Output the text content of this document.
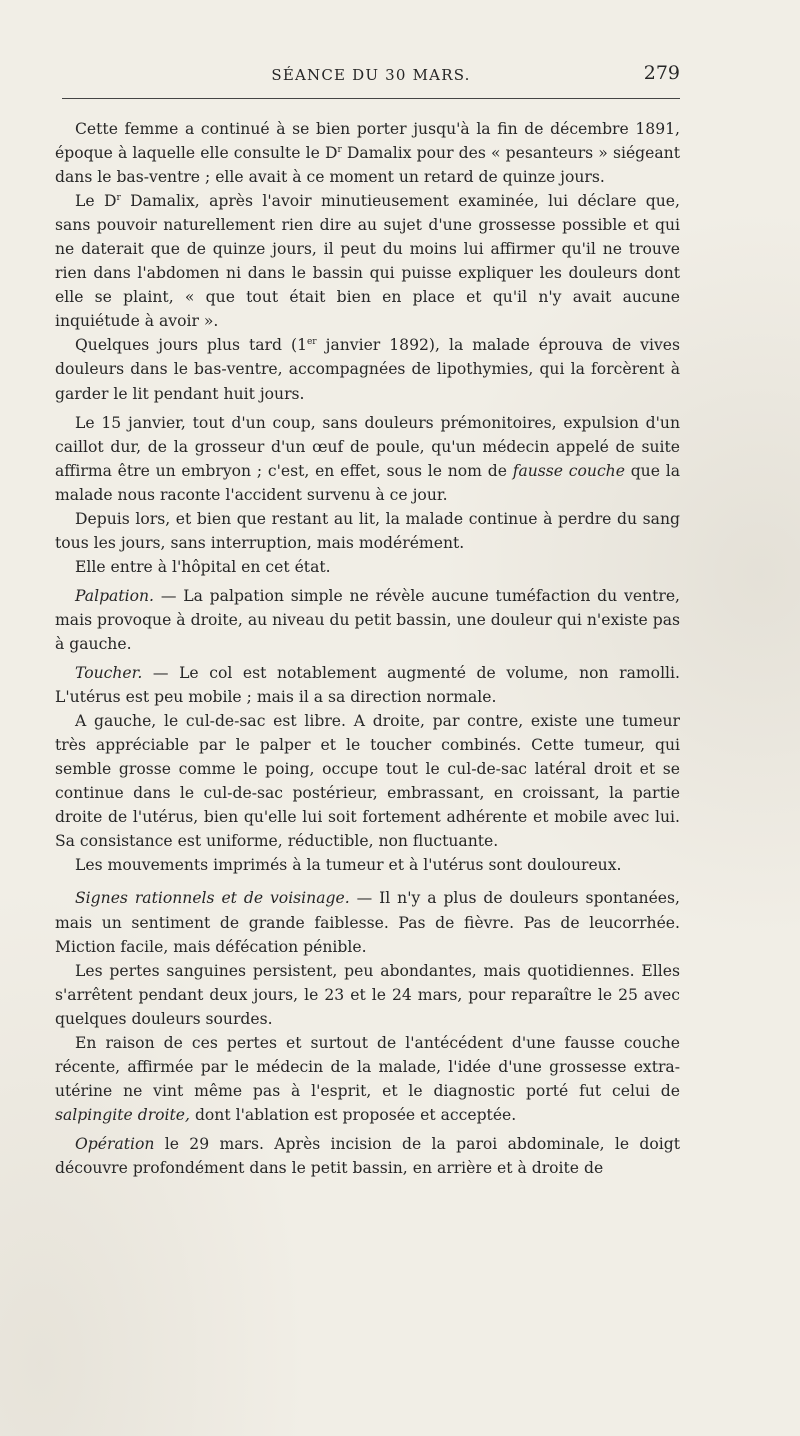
SÉANCE DU 30 MARS.	279

Cette femme a continué à se bien porter jusqu'à la fin de décembre 1891, époque à laquelle elle consulte le $D^r$ Damalix pour des « pesanteurs » siégeant dans le bas-ventre ; elle avait à ce moment un retard de quinze jours.

Le $D^r$ Damalix, après l'avoir minutieusement examinée, lui déclare que, sans pouvoir naturellement rien dire au sujet d'une grossesse possible et qui ne daterait que de quinze jours, il peut du moins lui affirmer qu'il ne trouve rien dans l'abdomen ni dans le bassin qui puisse expliquer les douleurs dont elle se plaint, « que tout était bien en place et qu'il n'y avait aucune inquiétude à avoir ».

Quelques jours plus tard (1er janvier 1892), la malade éprouva de vives douleurs dans le bas-ventre, accompagnées de lipothymies, qui la forcèrent à garder le lit pendant huit jours.

Le 15 janvier, tout d'un coup, sans douleurs prémonitoires, expulsion d'un caillot dur, de la grosseur d'un œuf de poule, qu'un médecin appelé de suite affirma être un embryon ; c'est, en effet, sous le nom de fausse couche que la malade nous raconte l'accident survenu à ce jour.

Depuis lors, et bien que restant au lit, la malade continue à perdre du sang tous les jours, sans interruption, mais modérément.

Elle entre à l'hôpital en cet état.

Palpation. — La palpation simple ne révèle aucune tuméfaction du ventre, mais provoque à droite, au niveau du petit bassin, une douleur qui n'existe pas à gauche.

Toucher. — Le col est notablement augmenté de volume, non ramolli. L'utérus est peu mobile ; mais il a sa direction normale.

A gauche, le cul-de-sac est libre. A droite, par contre, existe une tumeur très appréciable par le palper et le toucher combinés. Cette tumeur, qui semble grosse comme le poing, occupe tout le cul-de-sac latéral droit et se continue dans le cul-de-sac postérieur, embrassant, en croissant, la partie droite de l'utérus, bien qu'elle lui soit fortement adhérente et mobile avec lui. Sa consistance est uniforme, réductible, non fluctuante.

Les mouvements imprimés à la tumeur et à l'utérus sont douloureux.

Signes rationnels et de voisinage. — Il n'y a plus de douleurs spontanées, mais un sentiment de grande faiblesse. Pas de fièvre. Pas de leucorrhée. Miction facile, mais défécation pénible.

Les pertes sanguines persistent, peu abondantes, mais quotidiennes. Elles s'arrêtent pendant deux jours, le 23 et le 24 mars, pour reparaître le 25 avec quelques douleurs sourdes.

En raison de ces pertes et surtout de l'antécédent d'une fausse couche récente, affirmée par le médecin de la malade, l'idée d'une grossesse extra-utérine ne vint même pas à l'esprit, et le diagnostic porté fut celui de salpingite droite, dont l'ablation est proposée et acceptée.

Opération le 29 mars. Après incision de la paroi abdominale, le doigt découvre profondément dans le petit bassin, en arrière et à droite de
